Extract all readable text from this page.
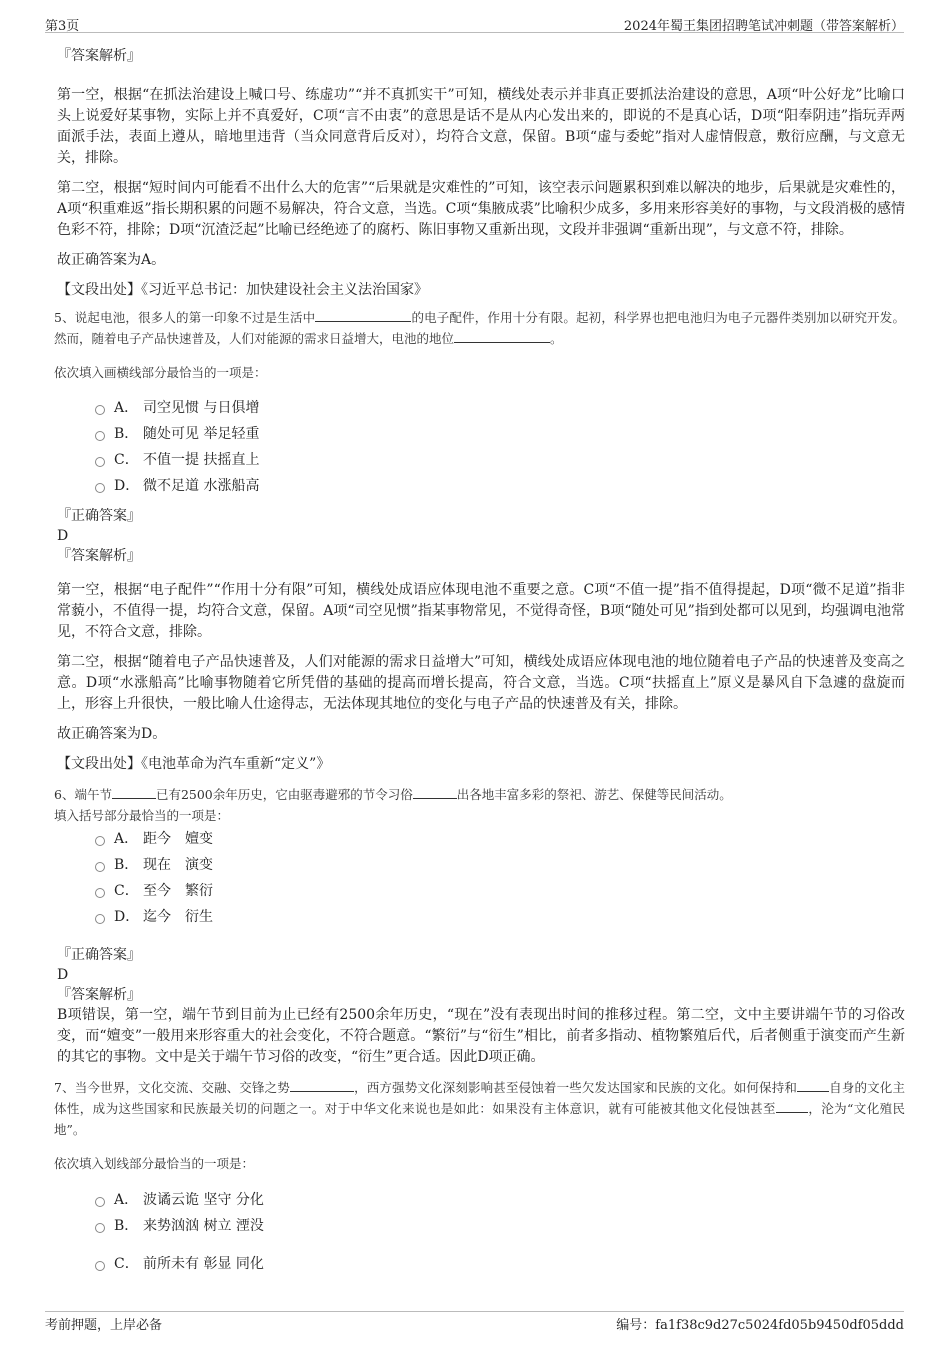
第3页	2024年蜀王集团招聘笔试冲刺题（带答案解析）
『答案解析』
第一空，根据“在抓法治建设上喊口号、练虚功”“并不真抓实干”可知，横线处表示并非真正要抓法治建设的意思，A项“叶公好龙”比喻口头上说爱好某事物，实际上并不真爱好，C项“言不由衷”的意思是话不是从内心发出来的，即说的不是真心话，D项“阳奉阴违”指玩弄两面派手法，表面上遵从，暗地里违背（当众同意背后反对），均符合文意，保留。B项“虚与委蛇”指对人虚情假意，敷衍应酬，与文意无关，排除。
第二空，根据“短时间内可能看不出什么大的危害”“后果就是灾难性的”可知，该空表示问题累积到难以解决的地步，后果就是灾难性的，A项“积重难返”指长期积累的问题不易解决，符合文意，当选。C项“集腋成裘”比喻积少成多，多用来形容美好的事物，与文段消极的感情色彩不符，排除；D项“沉渣泛起”比喻已经绝迹了的腐朽、陈旧事物又重新出现，文段并非强调“重新出现”，与文意不符，排除。
故正确答案为A。
【文段出处】《习近平总书记：加快建设社会主义法治国家》
5、说起电池，很多人的第一印象不过是生活中	的电子配件，作用十分有限。起初，科学界也把电池归为电子元器件类别加以研究开发。然而，随着电子产品快速普及，人们对能源的需求日益增大，电池的地位	。
依次填入画横线部分最恰当的一项是：
A． 司空见惯 与日俱增
B． 随处可见 举足轻重
C． 不值一提 扶摇直上
D． 微不足道 水涨船高
『正确答案』
D
『答案解析』
第一空，根据“电子配件”“作用十分有限”可知，横线处成语应体现电池不重要之意。C项“不值一提”指不值得提起，D项“微不足道”指非常藐小，不值得一提，均符合文意，保留。A项“司空见惯”指某事物常见，不觉得奇怪，B项“随处可见”指到处都可以见到，均强调电池常见，不符合文意，排除。
第二空，根据“随着电子产品快速普及，人们对能源的需求日益增大”可知，横线处成语应体现电池的地位随着电子产品的快速普及变高之意。D项“水涨船高”比喻事物随着它所凭借的基础的提高而增长提高，符合文意，当选。C项“扶摇直上”原义是暴风自下急遽的盘旋而上，形容上升很快，一般比喻人仕途得志，无法体现其地位的变化与电子产品的快速普及有关，排除。
故正确答案为D。
【文段出处】《电池革命为汽车重新“定义”》
6、端午节	已有2500余年历史，它由驱毒避邪的节令习俗	出各地丰富多彩的祭祀、游艺、保健等民间活动。
填入括号部分最恰当的一项是：
A． 距今　嬗变
B． 现在　演变
C． 至今　繁衍
D． 迄今　衍生
『正确答案』
D
『答案解析』
B项错误，第一空，端午节到目前为止已经有2500余年历史，“现在”没有表现出时间的推移过程。第二空，文中主要讲端午节的习俗改变，而“嬗变”一般用来形容重大的社会变化，不符合题意。“繁衍”与“衍生”相比，前者多指动、植物繁殖后代，后者侧重于演变而产生新的其它的事物。文中是关于端午节习俗的改变，“衍生”更合适。因此D项正确。
7、当今世界，文化交流、交融、交锋之势	，西方强势文化深刻影响甚至侵蚀着一些欠发达国家和民族的文化。如何保持和	自身的文化主体性，成为这些国家和民族最关切的问题之一。对于中华文化来说也是如此：如果没有主体意识，就有可能被其他文化侵蚀甚至	，沦为“文化殖民地”。
依次填入划线部分最恰当的一项是：
A． 波谲云诡 坚守 分化
B． 来势汹汹 树立 湮没
C． 前所未有 彰显 同化
考前押题，上岸必备	编号：fa1f38c9d27c5024fd05b9450df05ddd
